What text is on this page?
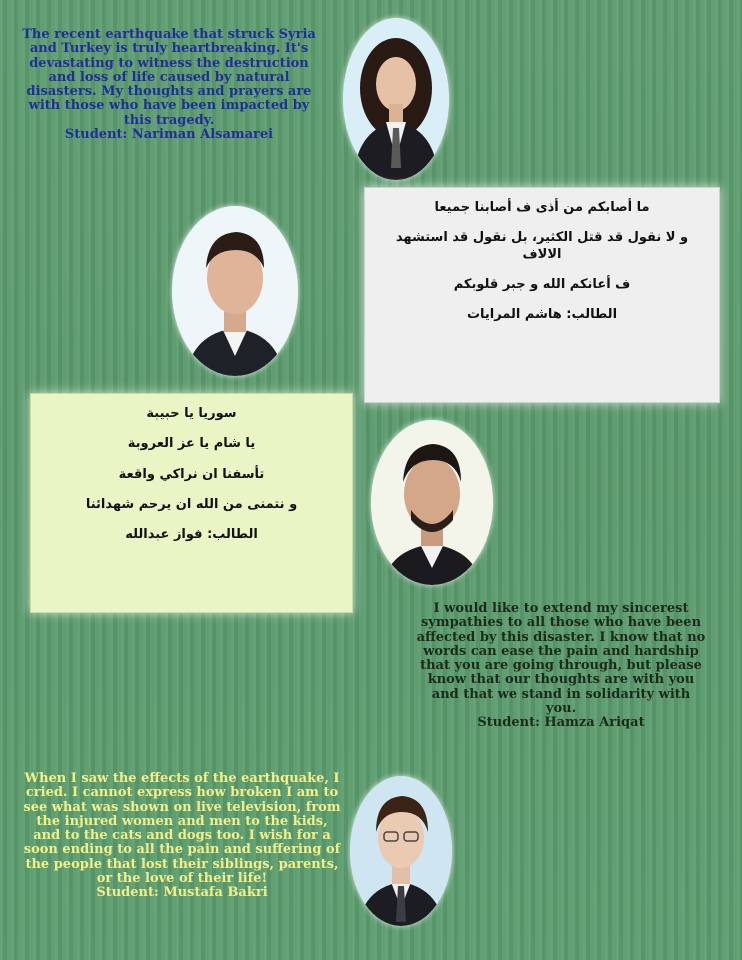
The recent earthquake that struck Syria and Turkey is truly heartbreaking. It's devastating to witness the destruction and loss of life caused by natural disasters. My thoughts and prayers are with those who have been impacted by this tragedy.
Student: Nariman Alsamarei

ما أصابكم من أذى ف أصابنا جميعا

و لا نقول قد قتل الكثير، بل نقول قد استشهد الالاف

ف أعانكم الله و جبر قلوبكم

الطالب: هاشم المرايات

سوريا يا حبيبة

يا شام يا عز العروبة

تأسفنا ان نراكي واقعة

و نتمنى من الله ان يرحم شهدائنا

الطالب: فواز عبدالله

I would like to extend my sincerest sympathies to all those who have been affected by this disaster. I know that no words can ease the pain and hardship that you are going through, but please know that our thoughts are with you and that we stand in solidarity with you.
Student: Hamza Ariqat
When I saw the effects of the earthquake, I cried. I cannot express how broken I am to see what was shown on live television, from the injured women and men to the kids, and to the cats and dogs too. I wish for a soon ending to all the pain and suffering of the people that lost their siblings, parents, or the love of their life!
Student: Mustafa Bakri
